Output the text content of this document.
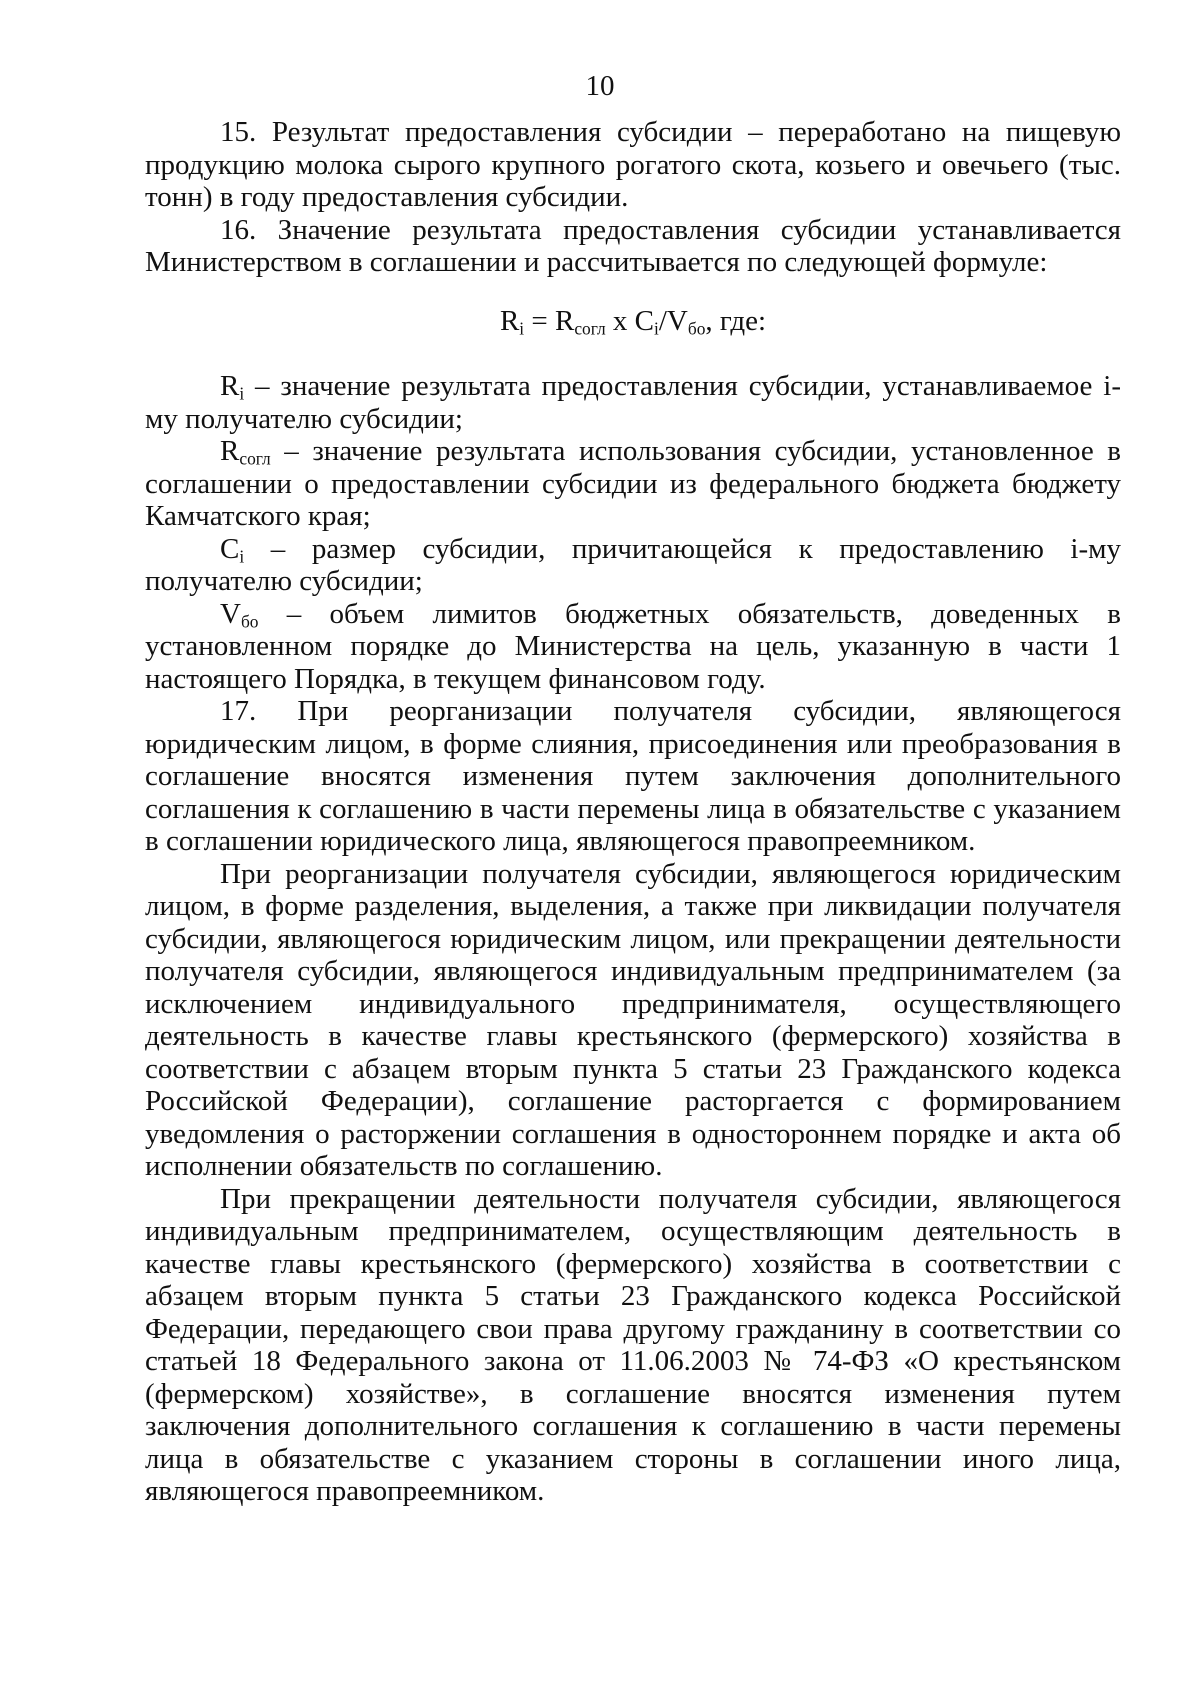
10

15. Результат предоставления субсидии – переработано на пищевую продукцию молока сырого крупного рогатого скота, козьего и овечьего (тыс. тонн) в году предоставления субсидии.

16. Значение результата предоставления субсидии устанавливается Министерством в соглашении и рассчитывается по следующей формуле:

$R_i = R_{согл}$ x $C_i/V_{бо}$, где:

$R_i$ – значение результата предоставления субсидии, устанавливаемое i-му получателю субсидии;

$R_{согл}$ – значение результата использования субсидии, установленное в соглашении о предоставлении субсидии из федерального бюджета бюджету Камчатского края;

$C_i$ – размер субсидии, причитающейся к предоставлению i-му получателю субсидии;

$V_{бо}$ – объем лимитов бюджетных обязательств, доведенных в установленном порядке до Министерства на цель, указанную в части 1 настоящего Порядка, в текущем финансовом году.

17. При реорганизации получателя субсидии, являющегося юридическим лицом, в форме слияния, присоединения или преобразования в соглашение вносятся изменения путем заключения дополнительного соглашения к соглашению в части перемены лица в обязательстве с указанием в соглашении юридического лица, являющегося правопреемником.

При реорганизации получателя субсидии, являющегося юридическим лицом, в форме разделения, выделения, а также при ликвидации получателя субсидии, являющегося юридическим лицом, или прекращении деятельности получателя субсидии, являющегося индивидуальным предпринимателем (за исключением индивидуального предпринимателя, осуществляющего деятельность в качестве главы крестьянского (фермерского) хозяйства в соответствии с абзацем вторым пункта 5 статьи 23 Гражданского кодекса Российской Федерации), соглашение расторгается с формированием уведомления о расторжении соглашения в одностороннем порядке и акта об исполнении обязательств по соглашению.

При прекращении деятельности получателя субсидии, являющегося индивидуальным предпринимателем, осуществляющим деятельность в качестве главы крестьянского (фермерского) хозяйства в соответствии с абзацем вторым пункта 5 статьи 23 Гражданского кодекса Российской Федерации, передающего свои права другому гражданину в соответствии со статьей 18 Федерального закона от 11.06.2003 № 74-ФЗ «О крестьянском (фермерском) хозяйстве», в соглашение вносятся изменения путем заключения дополнительного соглашения к соглашению в части перемены лица в обязательстве с указанием стороны в соглашении иного лица, являющегося правопреемником.
